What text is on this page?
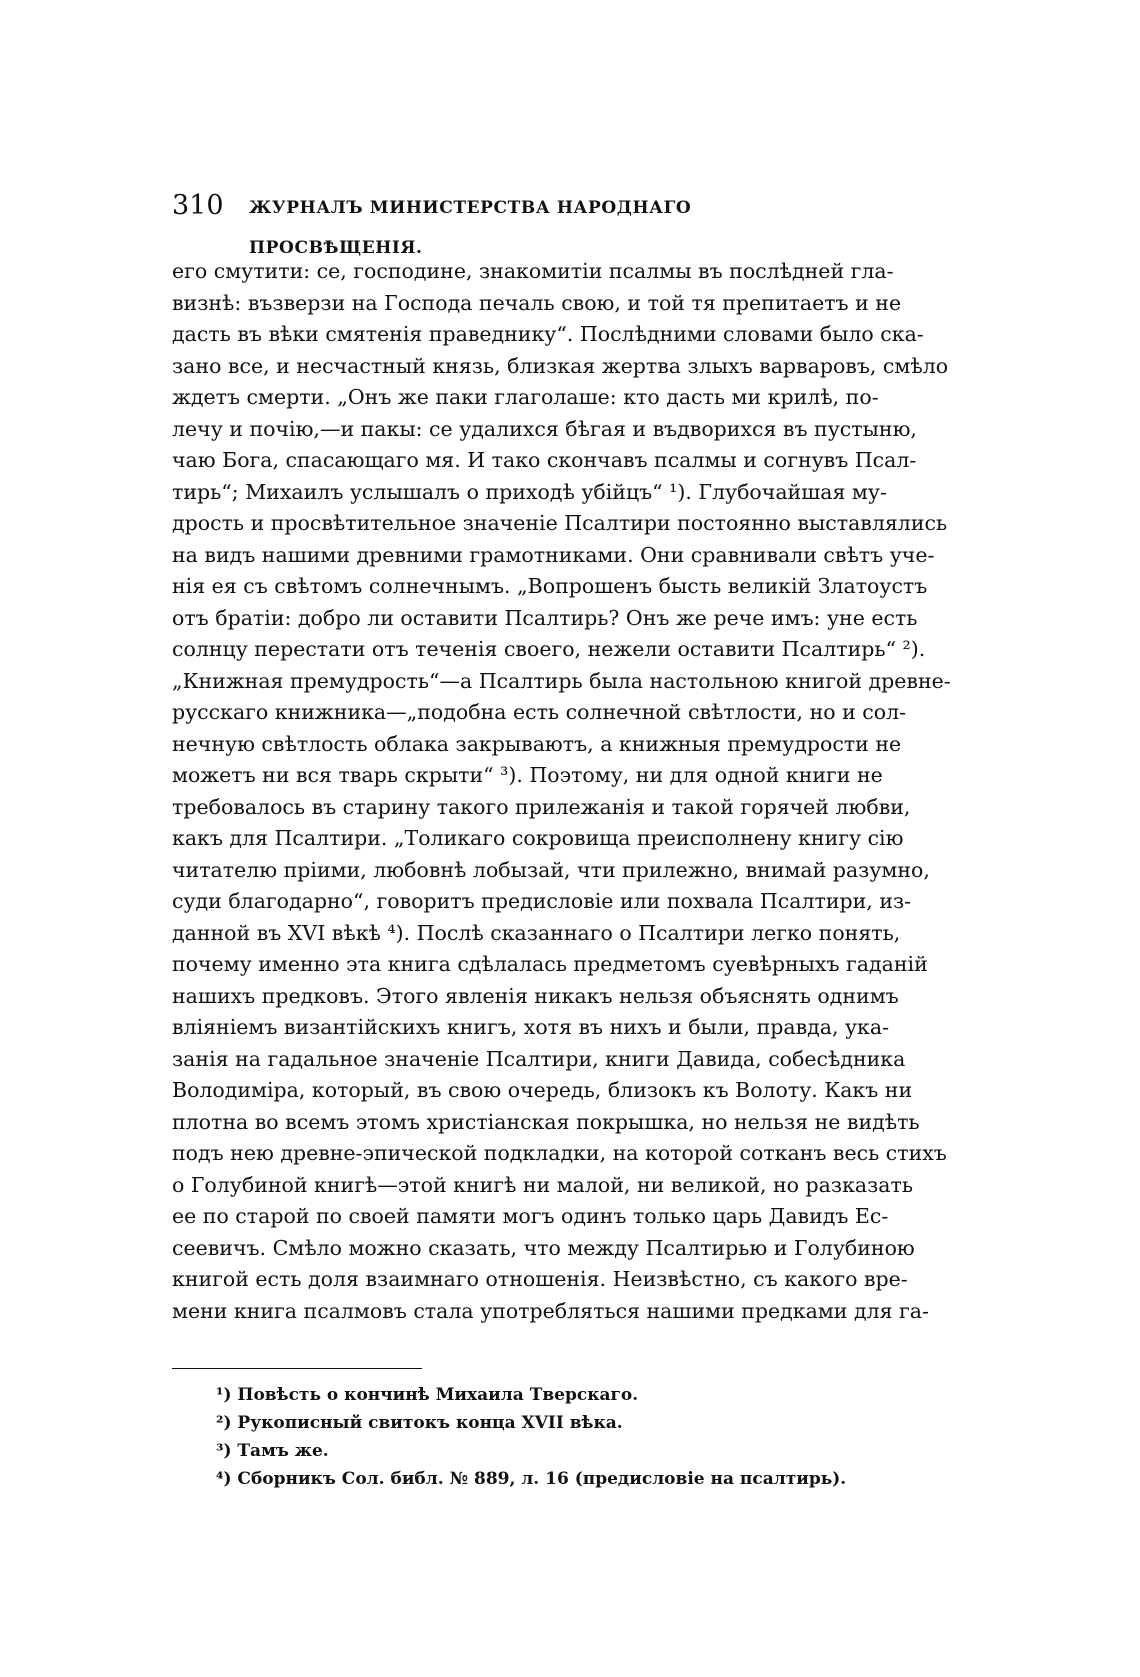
310 ЖУРНАЛЪ МИНИСТЕРСТВА НАРОДНАГО ПРОСВѢЩЕНІЯ.
его смутити: се, господине, знакомитіи псалмы въ послѣдней гла-
визнѣ: възверзи на Господа печаль свою, и той тя препитаетъ и не
дасть въ вѣки смятенія праведнику“. Послѣдними словами было ска-
зано все, и несчастный князь, близкая жертва злыхъ варваровъ, смѣло
ждетъ смерти. „Онъ же паки глаголаше: кто дасть ми крилѣ, по-
лечу и почію,—и пакы: се удалихся бѣгая и въдворихся въ пустыню,
чаю Бога, спасающаго мя. И тако скончавъ псалмы и согнувъ Псал-
тирь“; Михаилъ услышалъ о приходѣ убійцъ“ ¹). Глубочайшая му-
дрость и просвѣтительное значеніе Псалтири постоянно выставлялись
на видъ нашими древними грамотниками. Они сравнивали свѣтъ уче-
нія ея съ свѣтомъ солнечнымъ. „Вопрошенъ бысть великій Златоустъ
отъ братіи: добро ли оставити Псалтирь? Онъ же рече имъ: уне есть
солнцу перестати отъ теченія своего, нежели оставити Псалтирь“ ²).
„Книжная премудрость“—а Псалтирь была настольною книгой древне-
русскаго книжника—„подобна есть солнечной свѣтлости, но и сол-
нечную свѣтлость облака закрываютъ, а книжныя премудрости не
можетъ ни вся тварь скрыти“ ³). Поэтому, ни для одной книги не
требовалось въ старину такого прилежанія и такой горячей любви,
какъ для Псалтири. „Толикаго сокровища преисполнену книгу сію
читателю пріими, любовнѣ лобызай, чти прилежно, внимай разумно,
суди благодарно“, говоритъ предисловіе или похвала Псалтири, из-
данной въ XVI вѣкѣ ⁴). Послѣ сказаннаго о Псалтири легко понять,
почему именно эта книга сдѣлалась предметомъ суевѣрныхъ гаданій
нашихъ предковъ. Этого явленія никакъ нельзя объяснять однимъ
вліяніемъ византійскихъ книгъ, хотя въ нихъ и были, правда, ука-
занія на гадальное значеніе Псалтири, книги Давида, собесѣдника
Володиміра, который, въ свою очередь, близокъ къ Волоту. Какъ ни
плотна во всемъ этомъ христіанская покрышка, но нельзя не видѣть
подъ нею древне-эпической подкладки, на которой сотканъ весь стихъ
о Голубиной книгѣ—этой книгѣ ни малой, ни великой, но разказать
ее по старой по своей памяти могъ одинъ только царь Давидъ Ес-
сеевичъ. Смѣло можно сказать, что между Псалтирью и Голубиною
книгой есть доля взаимнаго отношенія. Неизвѣстно, съ какого вре-
мени книга псалмовъ стала употребляться нашими предками для га-
¹) Повѣсть о кончинѣ Михаила Тверскаго.
²) Рукописный свитокъ конца XVII вѣка.
³) Тамъ же.
⁴) Сборникъ Сол. библ. № 889, л. 16 (предисловіе на псалтирь).
